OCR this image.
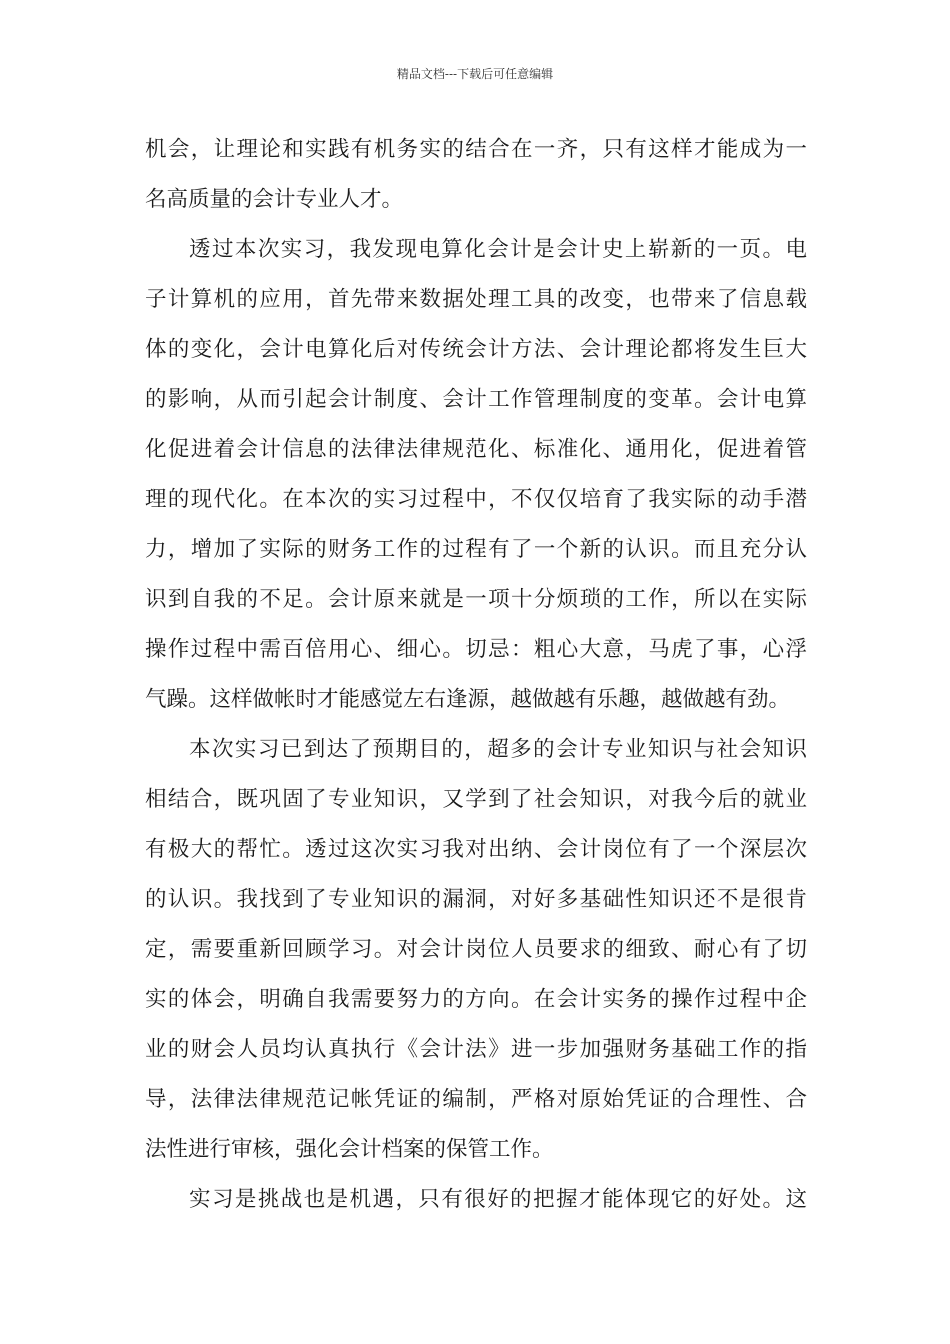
精品文档---下载后可任意编辑
机会，让理论和实践有机务实的结合在一齐，只有这样才能成为一
名高质量的会计专业人才。
透过本次实习，我发现电算化会计是会计史上崭新的一页。电
子计算机的应用，首先带来数据处理工具的改变，也带来了信息载
体的变化，会计电算化后对传统会计方法、会计理论都将发生巨大
的影响，从而引起会计制度、会计工作管理制度的变革。会计电算
化促进着会计信息的法律法律规范化、标准化、通用化，促进着管
理的现代化。在本次的实习过程中，不仅仅培育了我实际的动手潜
力，增加了实际的财务工作的过程有了一个新的认识。而且充分认
识到自我的不足。会计原来就是一项十分烦琐的工作，所以在实际
操作过程中需百倍用心、细心。切忌：粗心大意，马虎了事，心浮
气躁。这样做帐时才能感觉左右逢源，越做越有乐趣，越做越有劲。
本次实习已到达了预期目的，超多的会计专业知识与社会知识
相结合，既巩固了专业知识，又学到了社会知识，对我今后的就业
有极大的帮忙。透过这次实习我对出纳、会计岗位有了一个深层次
的认识。我找到了专业知识的漏洞，对好多基础性知识还不是很肯
定，需要重新回顾学习。对会计岗位人员要求的细致、耐心有了切
实的体会，明确自我需要努力的方向。在会计实务的操作过程中企
业的财会人员均认真执行《会计法》进一步加强财务基础工作的指
导，法律法律规范记帐凭证的编制，严格对原始凭证的合理性、合
法性进行审核，强化会计档案的保管工作。
实习是挑战也是机遇，只有很好的把握才能体现它的好处。这
